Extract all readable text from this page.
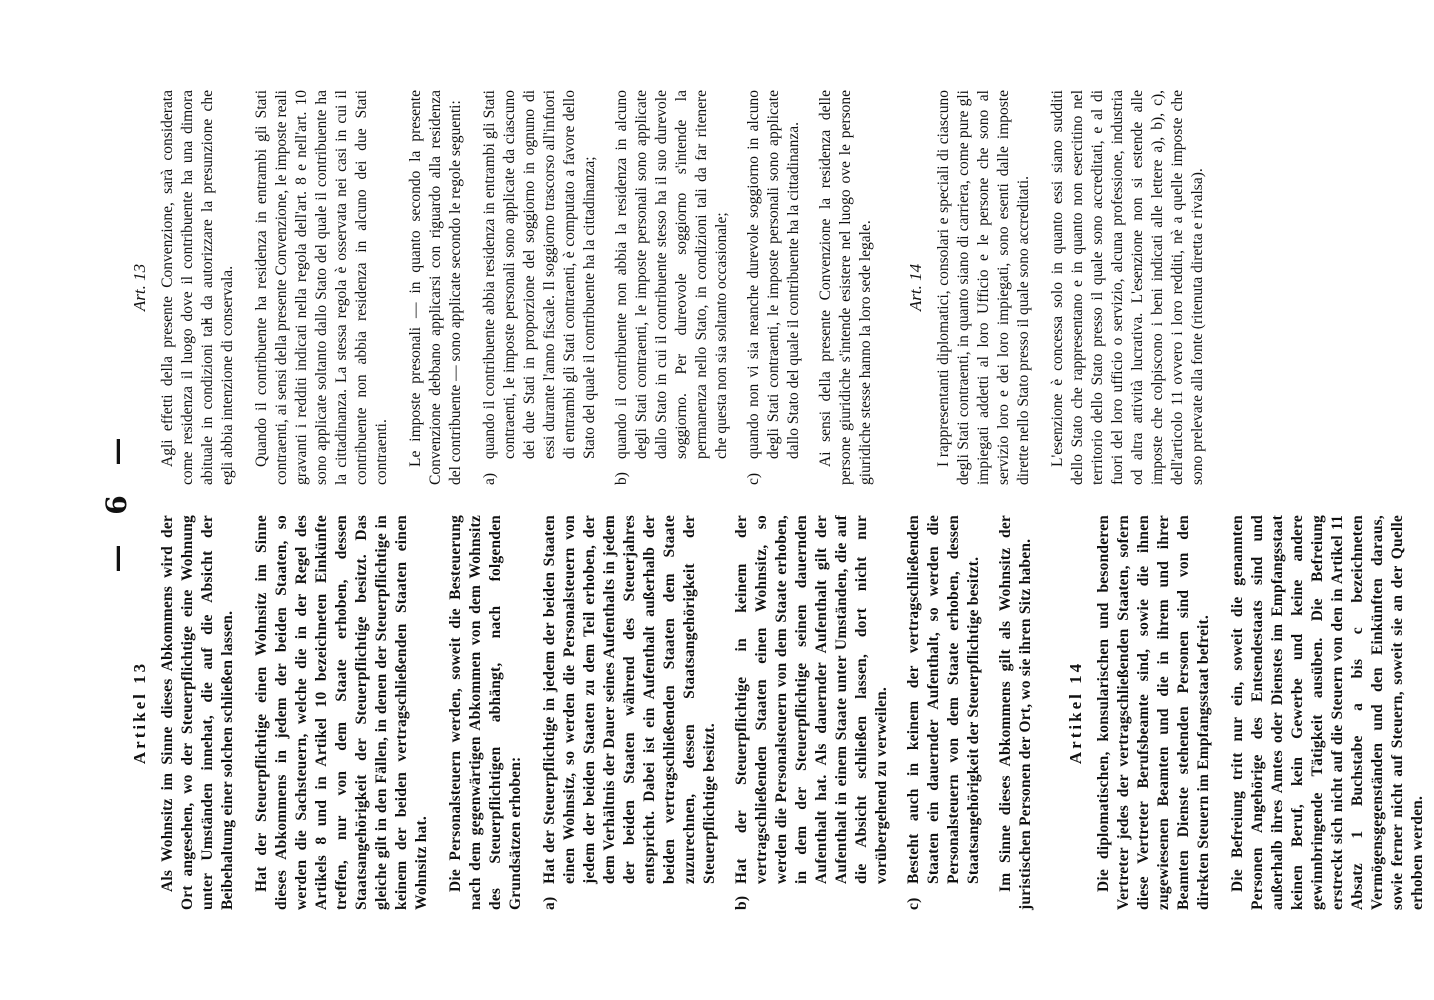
— 6 —
Artikel 13 Als Wohnsitz im Sinne dieses Abkommens wird der Ort angesehen, wo der Steuerpflichtige eine Wohnung unter Umständen innehat, die auf die Absicht der Beibehaltung einer solchen schließen lassen. Hat der Steuerpflichtige einen Wohnsitz im Sinne dieses Abkommens in jedem der beiden Staaten, so werden die Sachsteuern, welche die in der Regel des Artikels 8 und in Artikel 10 bezeichneten Einkünfte treffen, nur von dem Staate erhoben, dessen Staatsangehörigkeit der Steuerpflichtige besitzt. Das gleiche gilt in den Fällen, in denen der Steuerpflichtige in keinem der beiden vertragschließenden Staaten einen Wohnsitz hat. Die Personalsteuern werden, soweit die Besteuerung nach dem gegenwärtigen Abkommen von dem Wohnsitz des Steuerpflichtigen abhängt, nach folgenden Grundsätzen erhoben: a)
Hat der Steuerpflichtige in jedem der beiden Staaten einen Wohnsitz, so werden die Personalsteuern von jedem der beiden Staaten zu dem Teil erhoben, der dem Verhältnis der Dauer seines Aufenthalts in jedem der beiden Staaten während des Steuerjahres entspricht. Dabei ist ein Aufenthalt außerhalb der beiden vertragschließenden Staaten dem Staate zuzurechnen, dessen Staatsangehörigkeit der Steuerpflichtige besitzt.
b)
Hat der Steuerpflichtige in keinem der vertragschließenden Staaten einen Wohnsitz, so werden die Personalsteuern von dem Staate erhoben, in dem der Steuerpflichtige seinen dauernden Aufenthalt hat. Als dauernder Aufenthalt gilt der Aufenthalt in einem Staate unter Umständen, die auf die Absicht schließen lassen, dort nicht nur vorübergehend zu verweilen.
c)
Besteht auch in keinem der vertragschließenden Staaten ein dauernder Aufenthalt, so werden die Personalsteuern von dem Staate erhoben, dessen Staatsangehörigkeit der Steuerpflichtige besitzt. Im Sinne dieses Abkommens gilt als Wohnsitz der juristischen Personen der Ort, wo sie ihren Sitz haben. Artikel 14 Die diplomatischen, konsularischen und besonderen Vertreter jedes der vertragschließenden Staaten, sofern diese Vertreter Berufsbeamte sind, sowie die ihnen zugewiesenen Beamten und die in ihrem und ihrer Beamten Dienste stehenden Personen sind von den direkten Steuern im Empfangsstaat befreit. Die Befreiung tritt nur ein, soweit die genannten Personen Angehörige des Entsendestaats sind und außerhalb ihres Amtes oder Dienstes im Empfangsstaat keinen Beruf, kein Gewerbe und keine andere gewinnbringende Tätigkeit ausüben. Die Befreiung erstreckt sich nicht auf die Steuern von den in Artikel 11 Absatz 1 Buchstabe a bis c bezeichneten Vermögensgegenständen und den Einkünften daraus, sowie ferner nicht auf Steuern, soweit sie an der Quelle erhoben werden.

Art. 13 Agli effetti della presente Convenzione, sarà considerata come residenza il luogo dove il contribuente ha una dimora abituale in condizioni tali da autorizzare la presunzione che egli abbia intenzione di conservala. Quando il contribuente ha residenza in entrambi gli Stati contraenti, ai sensi della presente Convenzione, le imposte reali gravanti i redditi indicati nella regola dell'art. 8 e nell'art. 10 sono applicate soltanto dallo Stato del quale il contribuente ha la cittadinanza. La stessa regola è osservata nei casi in cui il contribuente non abbia residenza in alcuno dei due Stati contraenti. Le imposte presonali — in quanto secondo la presente Convenzione debbano applicarsi con riguardo alla residenza del contribuente — sono applicate secondo le regole seguenti: a)
quando il contribuente abbia residenza in entrambi gli Stati contraenti, le imposte personali sono applicate da ciascuno dei due Stati in proporzione del soggiorno in ognuno di essi durante l'anno fiscale. Il soggiorno trascorso all'infuori di entrambi gli Stati contraenti, è computato a favore dello Stato del quale il contribuente ha la cittadinanza;
b)
quando il contribuente non abbia la residenza in alcuno degli Stati contraenti, le imposte personali sono applicate dallo Stato in cui il contribuente stesso ha il suo durevole soggiorno. Per dureovole soggiorno s'intende la permanenza nello Stato, in condizioni tali da far ritenere che questa non sia soltanto occasionale;
c)
quando non vi sia neanche durevole soggiorno in alcuno degli Stati contraenti, le imposte personali sono applicate dallo Stato del quale il contribuente ha la cittadinanza. Ai sensi della presente Convenzione la residenza delle persone giuridiche s'intende esistere nel luogo ove le persone giuridiche stesse hanno la loro sede legale. Art. 14 I rappresentanti diplomatici, consolari e speciali di ciascuno degli Stati contraenti, in quanto siano di carriera, come pure gli impiegati addetti al loro Ufficio e le persone che sono al servizio loro e dei loro impiegati, sono esenti dalle imposte dirette nello Stato presso il quale sono accreditati. L'esenzione è concessa solo in quanto essi siano sudditi dello Stato che rappresentano e in quanto non esercitino nel territorio dello Stato presso il quale sono accreditati, e al di fuori del loro ufficio o servizio, alcuna professione, industria od altra attività lucrativa. L'esenzione non si estende alle imposte che colpiscono i beni indicati alle lettere a), b), c), dell'articolo 11 ovvero i loro redditi, nè a quelle imposte che sono prelevate alla fonte (ritenuta diretta e rivalsa).
